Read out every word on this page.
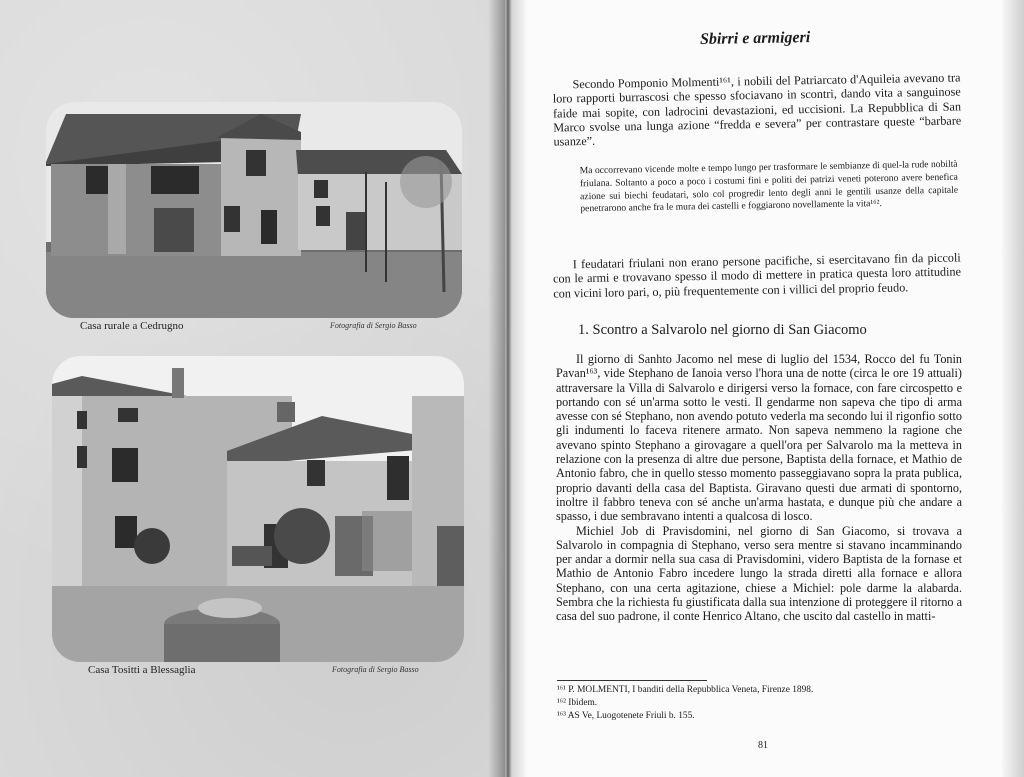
Casa rurale a Cedrugno	Fotografia di Sergio Basso
Casa Tositti a Blessaglia	Fotografia di Sergio Basso
Sbirri e armigeri

Secondo Pomponio Molmenti¹⁶¹, i nobili del Patriarcato d'Aquileia avevano tra loro rapporti burrascosi che spesso sfociavano in scontri, dando vita a sanguinose faide mai sopite, con ladrocini devastazioni, ed uccisioni. La Repubblica di San Marco svolse una lunga azione “fredda e severa” per contrastare queste “barbare usanze”.

Ma occorrevano vicende molte e tempo lungo per trasformare le sembianze di quel-la rude nobiltà friulana. Soltanto a poco a poco i costumi fini e politi dei patrizi veneti poterono avere benefica azione sui biechi feudatari, solo col progredir lento degli anni le gentili usanze della capitale penetrarono anche fra le mura dei castelli e foggiarono novellamente la vita¹⁶².

I feudatari friulani non erano persone pacifiche, si esercitavano fin da piccoli con le armi e trovavano spesso il modo di mettere in pratica questa loro attitudine con vicini loro pari, o, più frequentemente con i villici del proprio feudo.

1. Scontro a Salvarolo nel giorno di San Giacomo

Il giorno di Sanhto Jacomo nel mese di luglio del 1534, Rocco del fu Tonin Pavan¹⁶³, vide Stephano de Ianoia verso l'hora una de notte (circa le ore 19 attuali) attraversare la Villa di Salvarolo e dirigersi verso la fornace, con fare circospetto e portando con sé un'arma sotto le vesti. Il gendarme non sapeva che tipo di arma avesse con sé Stephano, non avendo potuto vederla ma secondo lui il rigonfio sotto gli indumenti lo faceva ritenere armato. Non sapeva nemmeno la ragione che avevano spinto Stephano a girovagare a quell'ora per Salvarolo ma la metteva in relazione con la presenza di altre due persone, Baptista della fornace, et Mathio de Antonio fabro, che in quello stesso momento passeggiavano sopra la prata publica, proprio davanti della casa del Baptista. Giravano questi due armati di spontorno, inoltre il fabbro teneva con sé anche un'arma hastata, e dunque più che andare a spasso, i due sembravano intenti a qualcosa di losco.

Michiel Job di Pravisdomini, nel giorno di San Giacomo, si trovava a Salvarolo in compagnia di Stephano, verso sera mentre si stavano incamminando per andar a dormir nella sua casa di Pravisdomini, videro Baptista de la fornase et Mathio de Antonio Fabro incedere lungo la strada diretti alla fornace e allora Stephano, con una certa agitazione, chiese a Michiel: pole darme la alabarda. Sembra che la richiesta fu giustificata dalla sua intenzione di proteggere il ritorno a casa del suo padrone, il conte Henrico Altano, che uscito dal castello in matti-

¹⁶¹ P. MOLMENTI, I banditi della Repubblica Veneta, Firenze 1898.
¹⁶² Ibidem.
¹⁶³ AS Ve, Luogotenete Friuli b. 155.
81
